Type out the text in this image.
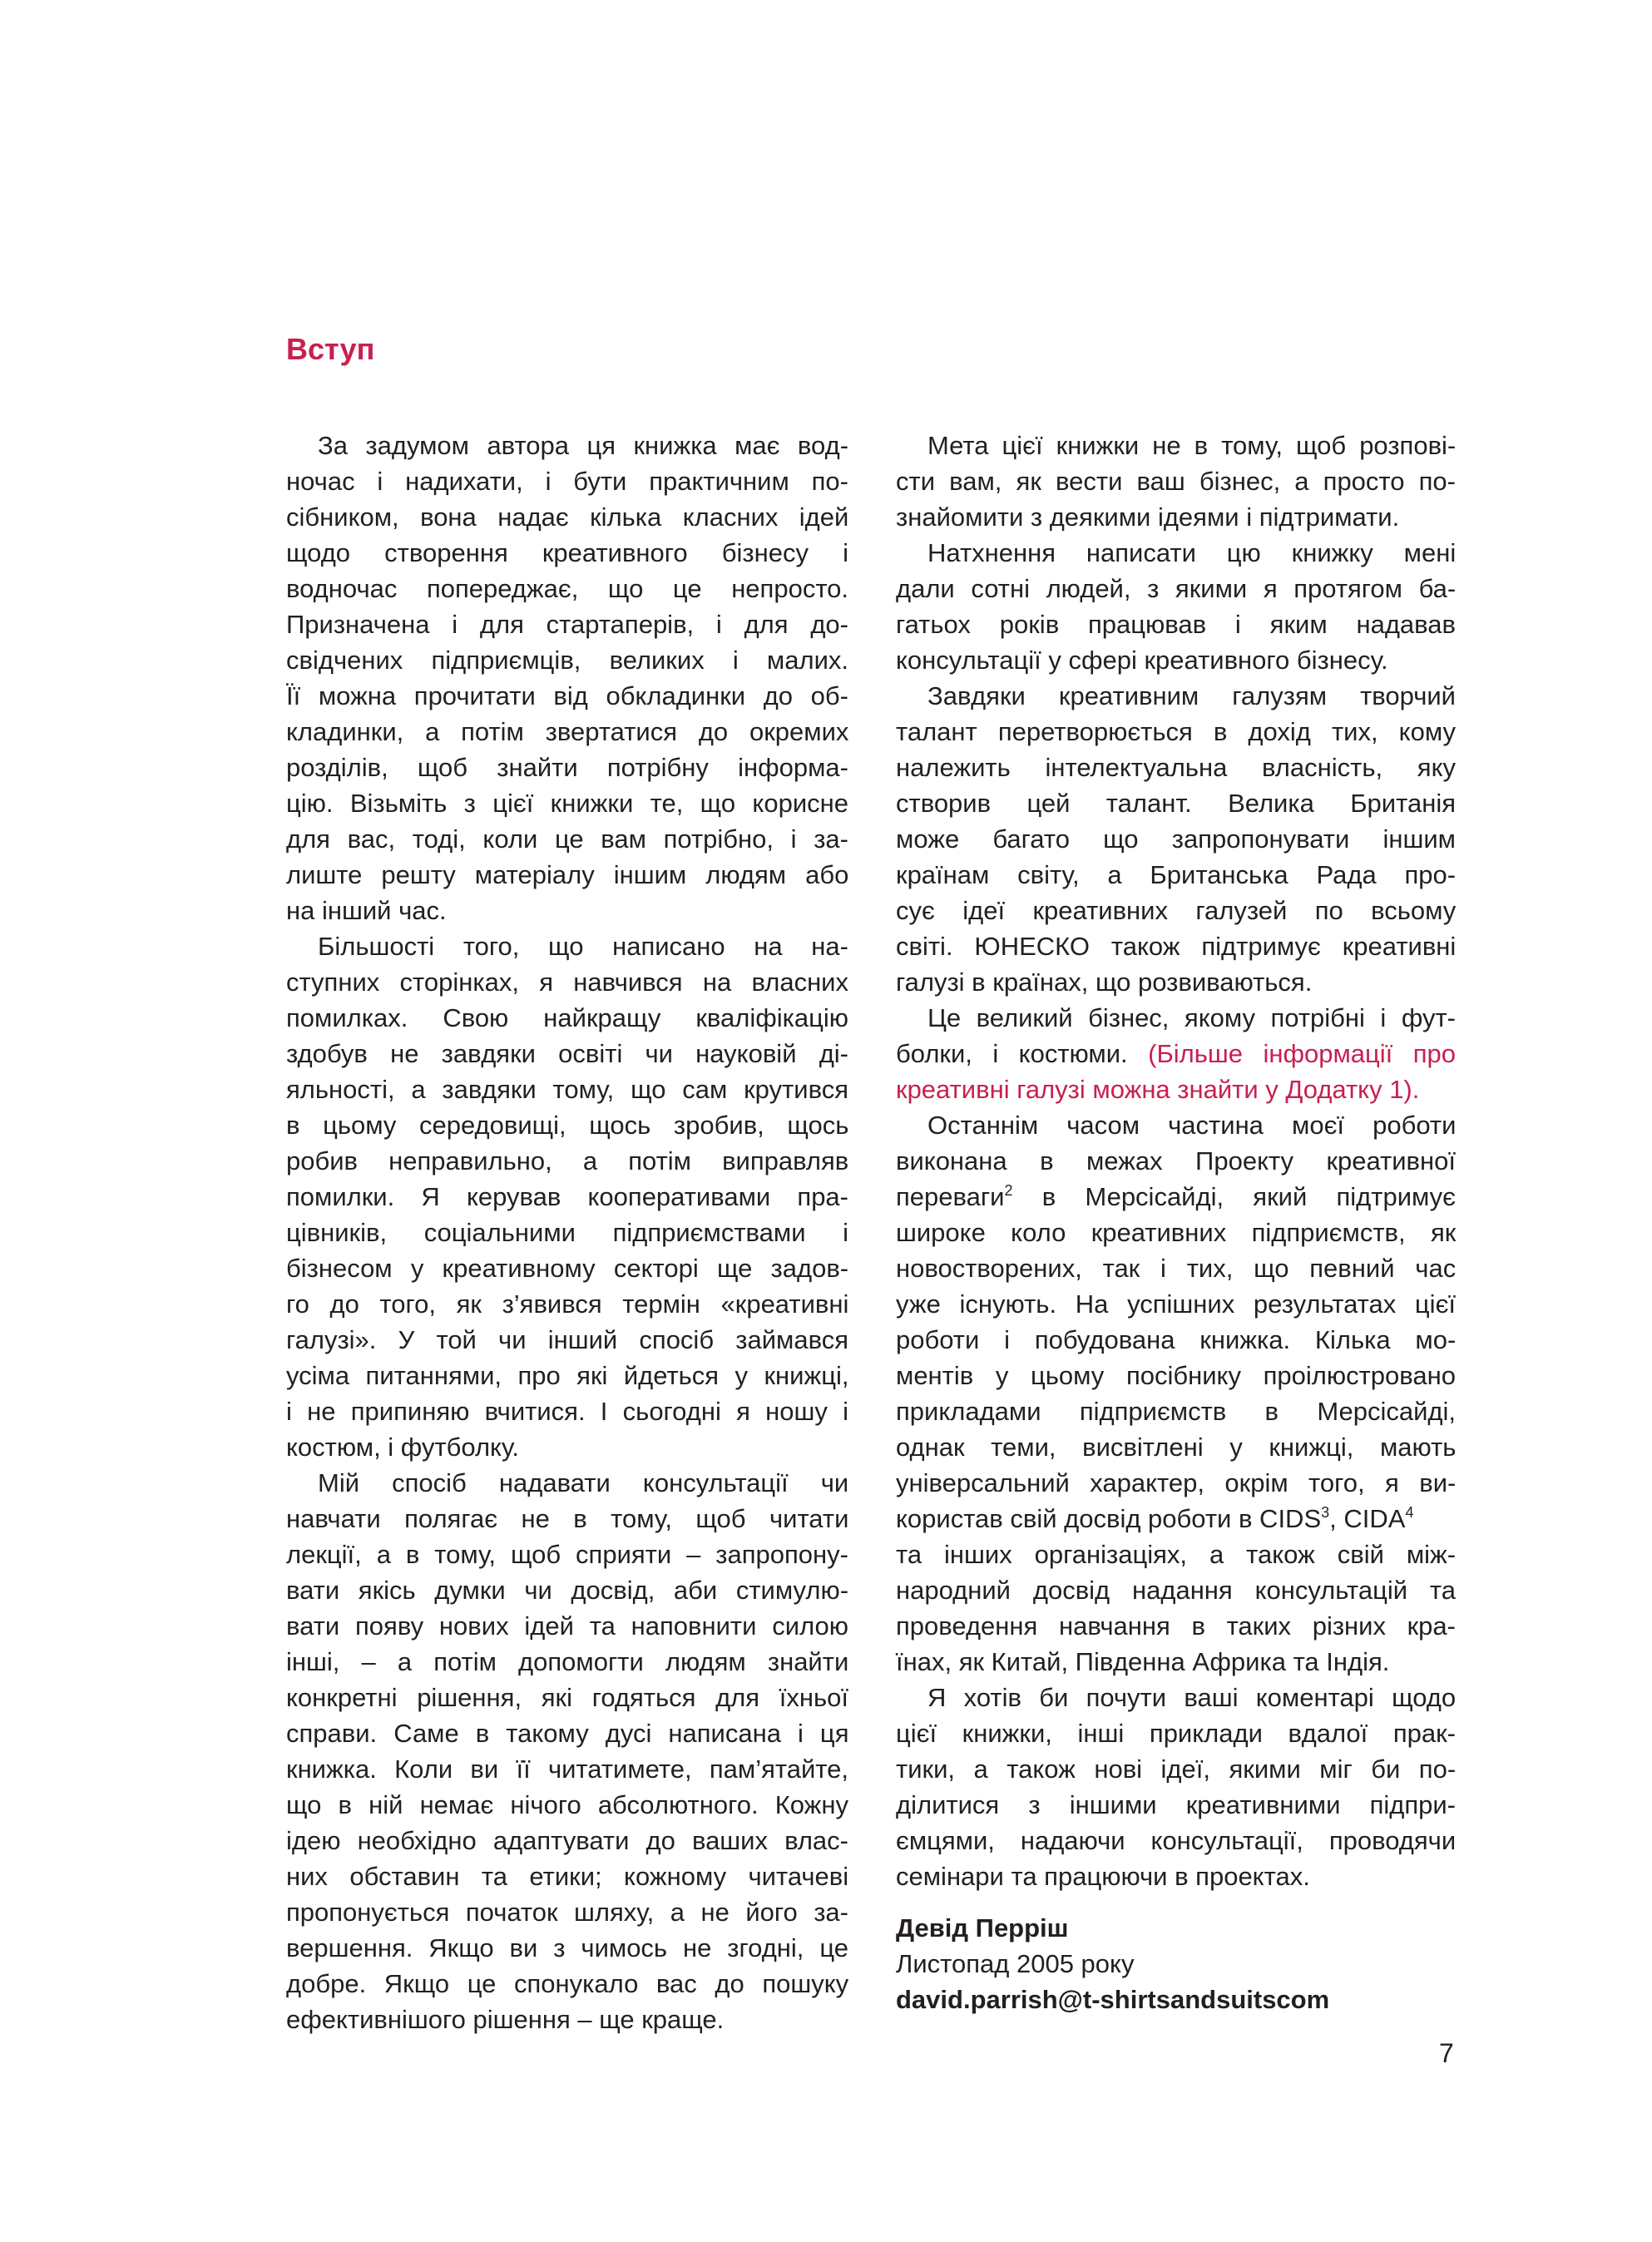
Вступ
За задумом автора ця книжка має вод-
ночас і надихати, і бути практичним по-
сібником, вона надає кілька класних ідей
щодо створення креативного бізнесу і
водночас попереджає, що це непросто.
Призначена і для стартаперів, і для до-
свідчених підприємців, великих і малих.
Її можна прочитати від обкладинки до об-
кладинки, а потім звертатися до окремих
розділів, щоб знайти потрібну інформа-
цію. Візьміть з цієї книжки те, що корисне
для вас, тоді, коли це вам потрібно, і за-
лиште решту матеріалу іншим людям або
на інший час.
Більшості того, що написано на на-
ступних сторінках, я навчився на власних
помилках. Свою найкращу кваліфікацію
здобув не завдяки освіті чи науковій ді-
яльності, а завдяки тому, що сам крутився
в цьому середовищі, щось зробив, щось
робив неправильно, а потім виправляв
помилки. Я керував кооперативами пра-
цівників, соціальними підприємствами і
бізнесом у креативному секторі ще задов-
го до того, як з’явився термін «креативні
галузі». У той чи інший спосіб займався
усіма питаннями, про які йдеться у книжці,
і не припиняю вчитися. І сьогодні я ношу і
костюм, і футболку.
Мій спосіб надавати консультації чи
навчати полягає не в тому, щоб читати
лекції, а в тому, щоб сприяти – запропону-
вати якісь думки чи досвід, аби стимулю-
вати появу нових ідей та наповнити силою
інші, – а потім допомогти людям знайти
конкретні рішення, які годяться для їхньої
справи. Саме в такому дусі написана і ця
книжка. Коли ви її читатимете, пам’ятайте,
що в ній немає нічого абсолютного. Кожну
ідею необхідно адаптувати до ваших влас-
них обставин та етики; кожному читачеві
пропонується початок шляху, а не його за-
вершення. Якщо ви з чимось не згодні, це
добре. Якщо це спонукало вас до пошуку
ефективнішого рішення – ще краще.
Мета цієї книжки не в тому, щоб розпові-
сти вам, як вести ваш бізнес, а просто по-
знайомити з деякими ідеями і підтримати.
Натхнення написати цю книжку мені
дали сотні людей, з якими я протягом ба-
гатьох років працював і яким надавав
консультації у сфері креативного бізнесу.
Завдяки креативним галузям творчий
талант перетворюється в дохід тих, кому
належить інтелектуальна власність, яку
створив цей талант. Велика Британія
може багато що запропонувати іншим
країнам світу, а Британська Рада про-
сує ідеї креативних галузей по всьому
світі. ЮНЕСКО також підтримує креативні
галузі в країнах, що розвиваються.
Це великий бізнес, якому потрібні і фут-
болки, і костюми. (Більше інформації про
креативні галузі можна знайти у Додатку 1).
Останнім часом частина моєї роботи
виконана в межах Проекту креативної
переваги$^2$ в Мерсісайді, який підтримує
широке коло креативних підприємств, як
новостворених, так і тих, що певний час
уже існують. На успішних результатах цієї
роботи і побудована книжка. Кілька мо-
ментів у цьому посібнику проілюстровано
прикладами підприємств в Мерсісайді,
однак теми, висвітлені у книжці, мають
універсальний характер, окрім того, я ви-
користав свій досвід роботи в CIDS$^3$, CIDA$^4$
та інших організаціях, а також свій між-
народний досвід надання консультацій та
проведення навчання в таких різних кра-
їнах, як Китай, Південна Африка та Індія.
Я хотів би почути ваші коментарі щодо
цієї книжки, інші приклади вдалої прак-
тики, а також нові ідеї, якими міг би по-
ділитися з іншими креативними підпри-
ємцями, надаючи консультації, проводячи
семінари та працюючи в проектах.
Девід Перріш
Листопад 2005 року
david.parrish@t-shirtsandsuitscom
7
